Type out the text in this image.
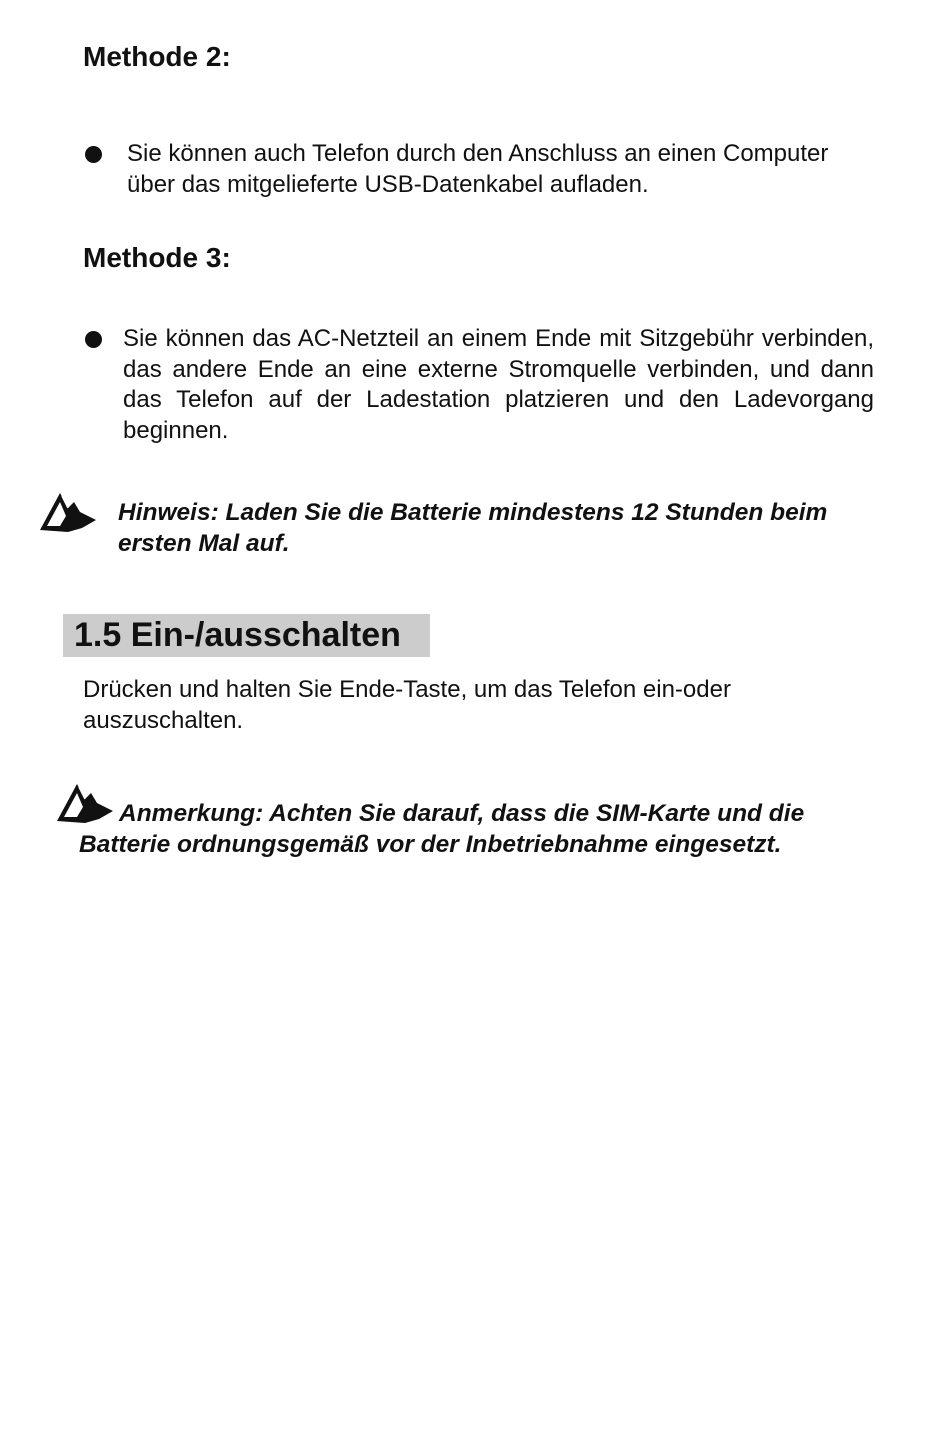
Methode 2:

Sie können auch Telefon durch den Anschluss an einen Computer über das mitgelieferte USB-Datenkabel aufladen.

Methode 3:

Sie können das AC-Netzteil an einem Ende mit Sitzgebühr verbinden, das andere Ende an eine externe Stromquelle verbinden, und dann das Telefon auf der Ladestation platzieren und den Ladevorgang beginnen.

Hinweis: Laden Sie die Batterie mindestens 12 Stunden beim ersten Mal auf.

1.5 Ein-/ausschalten

Drücken und halten Sie Ende-Taste, um das Telefon ein-oder auszuschalten.

Anmerkung: Achten Sie darauf, dass die SIM-Karte und die Batterie ordnungsgemäß vor der Inbetriebnahme eingesetzt.
